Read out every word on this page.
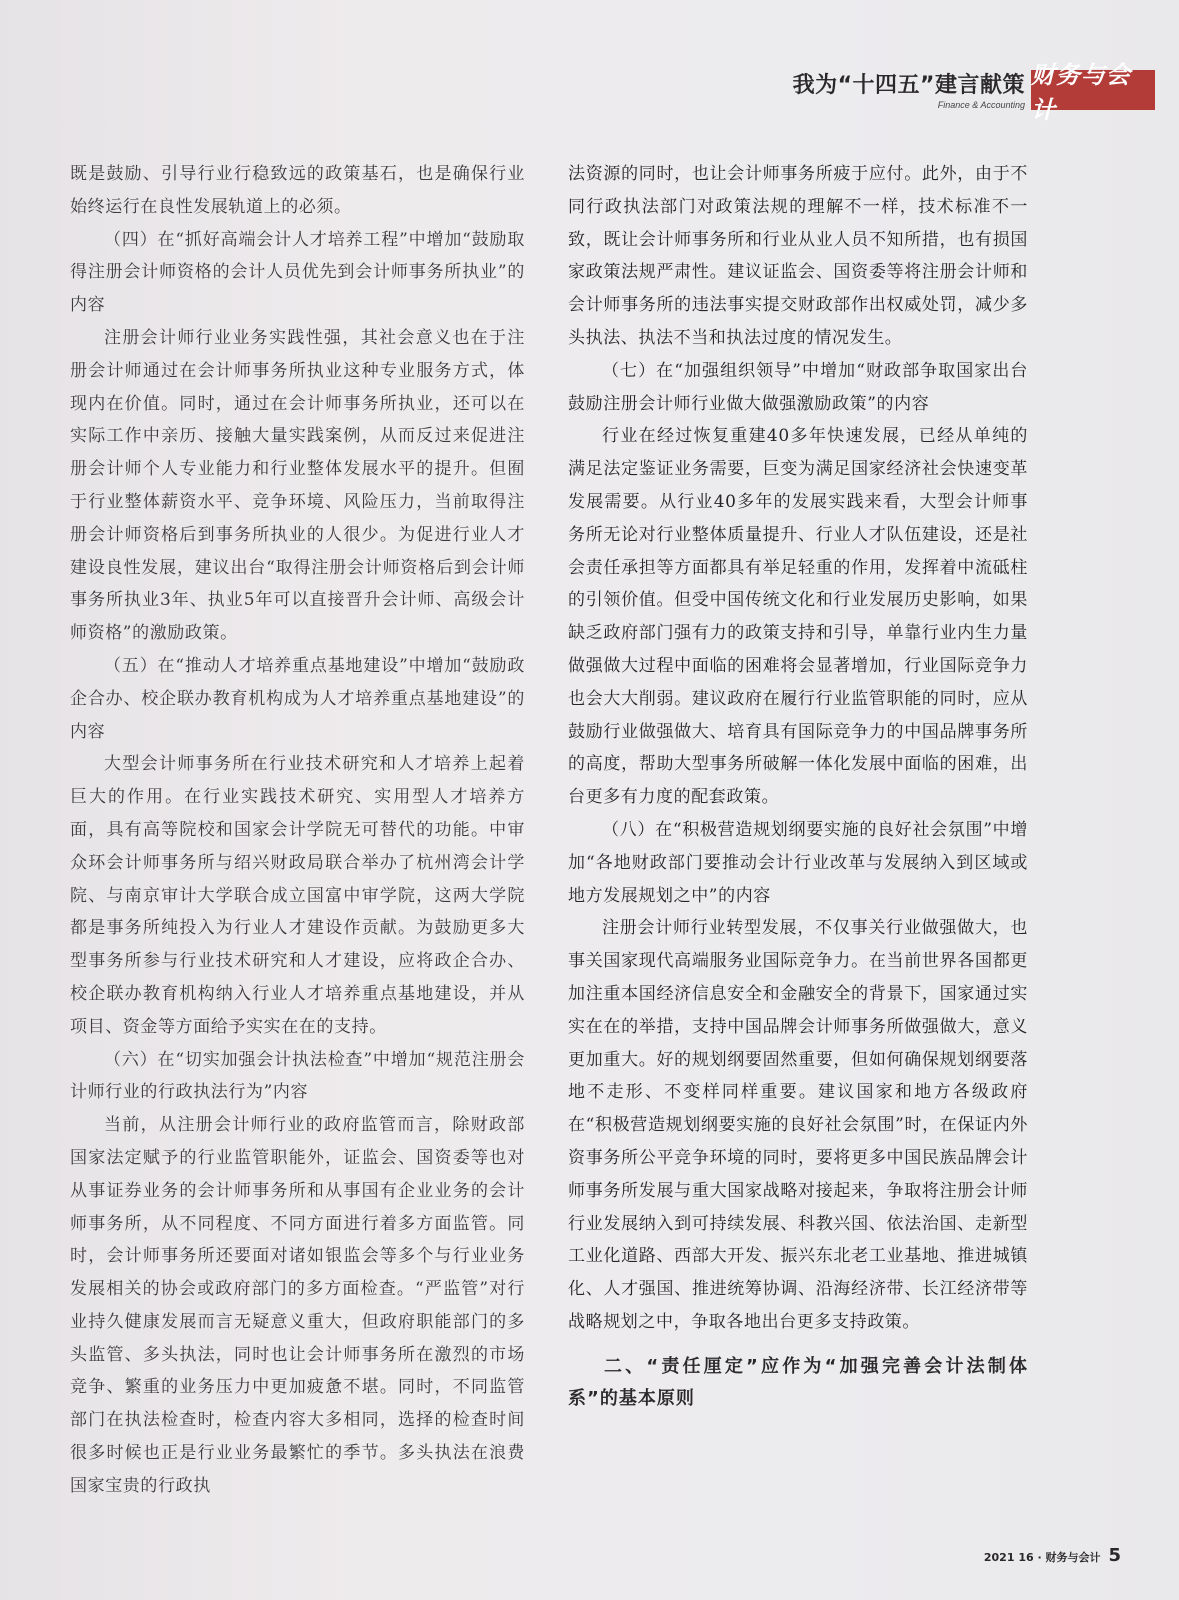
我为“十四五”建言献策
Finance & Accounting
财务与会计

既是鼓励、引导行业行稳致远的政策基石，也是确保行业始终运行在良性发展轨道上的必须。

（四）在“抓好高端会计人才培养工程”中增加“鼓励取得注册会计师资格的会计人员优先到会计师事务所执业”的内容

注册会计师行业业务实践性强，其社会意义也在于注册会计师通过在会计师事务所执业这种专业服务方式，体现内在价值。同时，通过在会计师事务所执业，还可以在实际工作中亲历、接触大量实践案例，从而反过来促进注册会计师个人专业能力和行业整体发展水平的提升。但囿于行业整体薪资水平、竞争环境、风险压力，当前取得注册会计师资格后到事务所执业的人很少。为促进行业人才建设良性发展，建议出台“取得注册会计师资格后到会计师事务所执业3年、执业5年可以直接晋升会计师、高级会计师资格”的激励政策。

（五）在“推动人才培养重点基地建设”中增加“鼓励政企合办、校企联办教育机构成为人才培养重点基地建设”的内容

大型会计师事务所在行业技术研究和人才培养上起着巨大的作用。在行业实践技术研究、实用型人才培养方面，具有高等院校和国家会计学院无可替代的功能。中审众环会计师事务所与绍兴财政局联合举办了杭州湾会计学院、与南京审计大学联合成立国富中审学院，这两大学院都是事务所纯投入为行业人才建设作贡献。为鼓励更多大型事务所参与行业技术研究和人才建设，应将政企合办、校企联办教育机构纳入行业人才培养重点基地建设，并从项目、资金等方面给予实实在在的支持。

（六）在“切实加强会计执法检查”中增加“规范注册会计师行业的行政执法行为”内容

当前，从注册会计师行业的政府监管而言，除财政部国家法定赋予的行业监管职能外，证监会、国资委等也对从事证券业务的会计师事务所和从事国有企业业务的会计师事务所，从不同程度、不同方面进行着多方面监管。同时，会计师事务所还要面对诸如银监会等多个与行业业务发展相关的协会或政府部门的多方面检查。“严监管”对行业持久健康发展而言无疑意义重大，但政府职能部门的多头监管、多头执法，同时也让会计师事务所在激烈的市场竞争、繁重的业务压力中更加疲惫不堪。同时，不同监管部门在执法检查时，检查内容大多相同，选择的检查时间很多时候也正是行业业务最繁忙的季节。多头执法在浪费国家宝贵的行政执

法资源的同时，也让会计师事务所疲于应付。此外，由于不同行政执法部门对政策法规的理解不一样，技术标准不一致，既让会计师事务所和行业从业人员不知所措，也有损国家政策法规严肃性。建议证监会、国资委等将注册会计师和会计师事务所的违法事实提交财政部作出权威处罚，减少多头执法、执法不当和执法过度的情况发生。

（七）在“加强组织领导”中增加“财政部争取国家出台鼓励注册会计师行业做大做强激励政策”的内容

行业在经过恢复重建40多年快速发展，已经从单纯的满足法定鉴证业务需要，巨变为满足国家经济社会快速变革发展需要。从行业40多年的发展实践来看，大型会计师事务所无论对行业整体质量提升、行业人才队伍建设，还是社会责任承担等方面都具有举足轻重的作用，发挥着中流砥柱的引领价值。但受中国传统文化和行业发展历史影响，如果缺乏政府部门强有力的政策支持和引导，单靠行业内生力量做强做大过程中面临的困难将会显著增加，行业国际竞争力也会大大削弱。建议政府在履行行业监管职能的同时，应从鼓励行业做强做大、培育具有国际竞争力的中国品牌事务所的高度，帮助大型事务所破解一体化发展中面临的困难，出台更多有力度的配套政策。

（八）在“积极营造规划纲要实施的良好社会氛围”中增加“各地财政部门要推动会计行业改革与发展纳入到区域或地方发展规划之中”的内容

注册会计师行业转型发展，不仅事关行业做强做大，也事关国家现代高端服务业国际竞争力。在当前世界各国都更加注重本国经济信息安全和金融安全的背景下，国家通过实实在在的举措，支持中国品牌会计师事务所做强做大，意义更加重大。好的规划纲要固然重要，但如何确保规划纲要落地不走形、不变样同样重要。建议国家和地方各级政府在“积极营造规划纲要实施的良好社会氛围”时，在保证内外资事务所公平竞争环境的同时，要将更多中国民族品牌会计师事务所发展与重大国家战略对接起来，争取将注册会计师行业发展纳入到可持续发展、科教兴国、依法治国、走新型工业化道路、西部大开发、振兴东北老工业基地、推进城镇化、人才强国、推进统筹协调、沿海经济带、长江经济带等战略规划之中，争取各地出台更多支持政策。

二、“责任厘定”应作为“加强完善会计法制体系”的基本原则
2021 16 · 财务与会计 5
